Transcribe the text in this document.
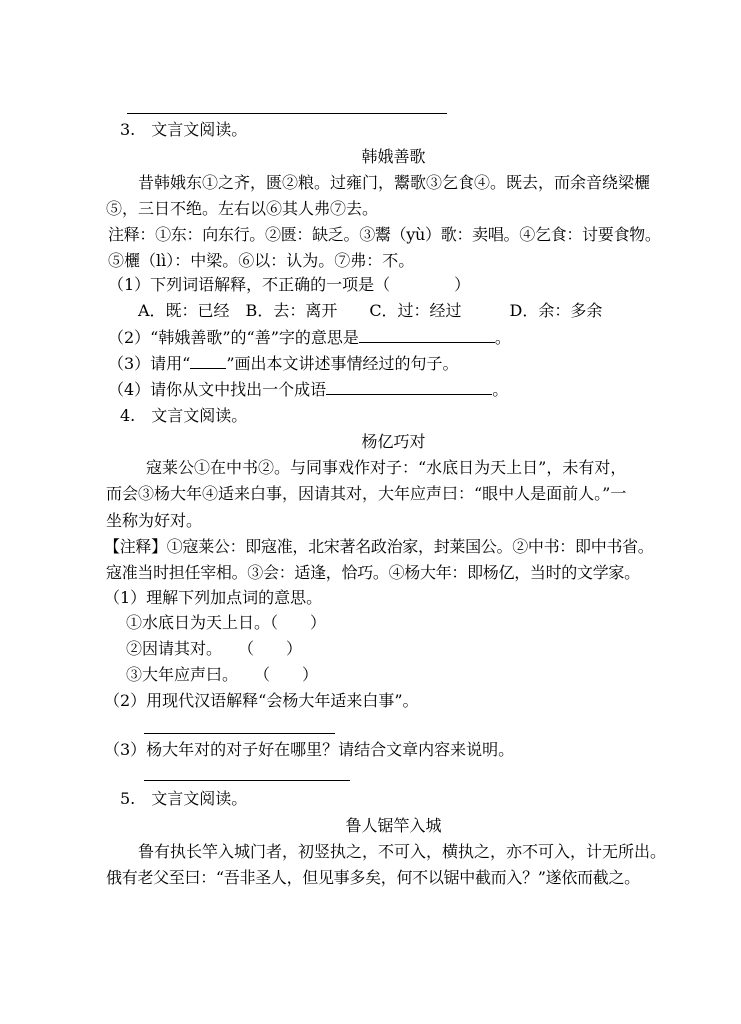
3.　文言文阅读。
韩娥善歌
昔韩娥东①之齐，匮②粮。过雍门，鬻歌③乞食④。既去，而余音绕梁欐
⑤，三日不绝。左右以⑥其人弗⑦去。
注释：①东：向东行。②匮：缺乏。③鬻（yù）歌：卖唱。④乞食：讨要食物。
⑤欐（lì）：中梁。⑥以：认为。⑦弗：不。
（1）下列词语解释，不正确的一项是（　　　　）
A．既：已经　B．去：离开　　C．过：经过　　　D．余：多余
（2）“韩娥善歌”的“善”字的意思是	。
（3）请用“ ”画出本文讲述事情经过的句子。
（4）请你从文中找出一个成语	。
4.　文言文阅读。
杨亿巧对
寇莱公①在中书②。与同事戏作对子：“水底日为天上日”，未有对，
而会③杨大年④适来白事，因请其对，大年应声曰：“眼中人是面前人。”一
坐称为好对。
【注释】①寇莱公：即寇准，北宋著名政治家，封莱国公。②中书：即中书省。
寇准当时担任宰相。③会：适逢，恰巧。④杨大年：即杨亿，当时的文学家。
（1）理解下列加点词的意思。
①水底日为天上日。（　　）
②因请其对。　　（　　）
③大年应声曰。　　（　　）
（2）用现代汉语解释“会杨大年适来白事”。
（3）杨大年对的对子好在哪里？请结合文章内容来说明。
5.　文言文阅读。
鲁人锯竿入城
鲁有执长竿入城门者，初竖执之，不可入，横执之，亦不可入，计无所出。
俄有老父至曰：“吾非圣人，但见事多矣，何不以锯中截而入？”遂依而截之。
